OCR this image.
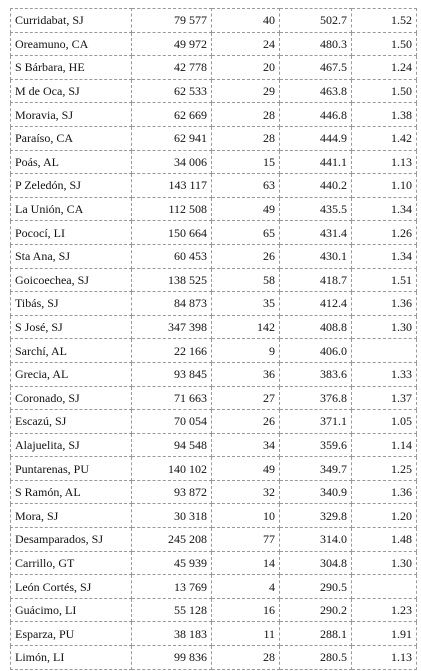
Curridabat, SJ	79 577	40	502.7	1.52
Oreamuno, CA	49 972	24	480.3	1.50
S Bárbara, HE	42 778	20	467.5	1.24
M de Oca, SJ	62 533	29	463.8	1.50
Moravia, SJ	62 669	28	446.8	1.38
Paraíso, CA	62 941	28	444.9	1.42
Poás, AL	34 006	15	441.1	1.13
P Zeledón, SJ	143 117	63	440.2	1.10
La Unión, CA	112 508	49	435.5	1.34
Pococí, LI	150 664	65	431.4	1.26
Sta Ana, SJ	60 453	26	430.1	1.34
Goicoechea, SJ	138 525	58	418.7	1.51
Tibás, SJ	84 873	35	412.4	1.36
S José, SJ	347 398	142	408.8	1.30
Sarchí, AL	22 166	9	406.0	
Grecia, AL	93 845	36	383.6	1.33
Coronado, SJ	71 663	27	376.8	1.37
Escazú, SJ	70 054	26	371.1	1.05
Alajuelita, SJ	94 548	34	359.6	1.14
Puntarenas, PU	140 102	49	349.7	1.25
S Ramón, AL	93 872	32	340.9	1.36
Mora, SJ	30 318	10	329.8	1.20
Desamparados, SJ	245 208	77	314.0	1.48
Carrillo, GT	45 939	14	304.8	1.30
León Cortés, SJ	13 769	4	290.5	
Guácimo, LI	55 128	16	290.2	1.23
Esparza, PU	38 183	11	288.1	1.91
Limón, LI	99 836	28	280.5	1.13
